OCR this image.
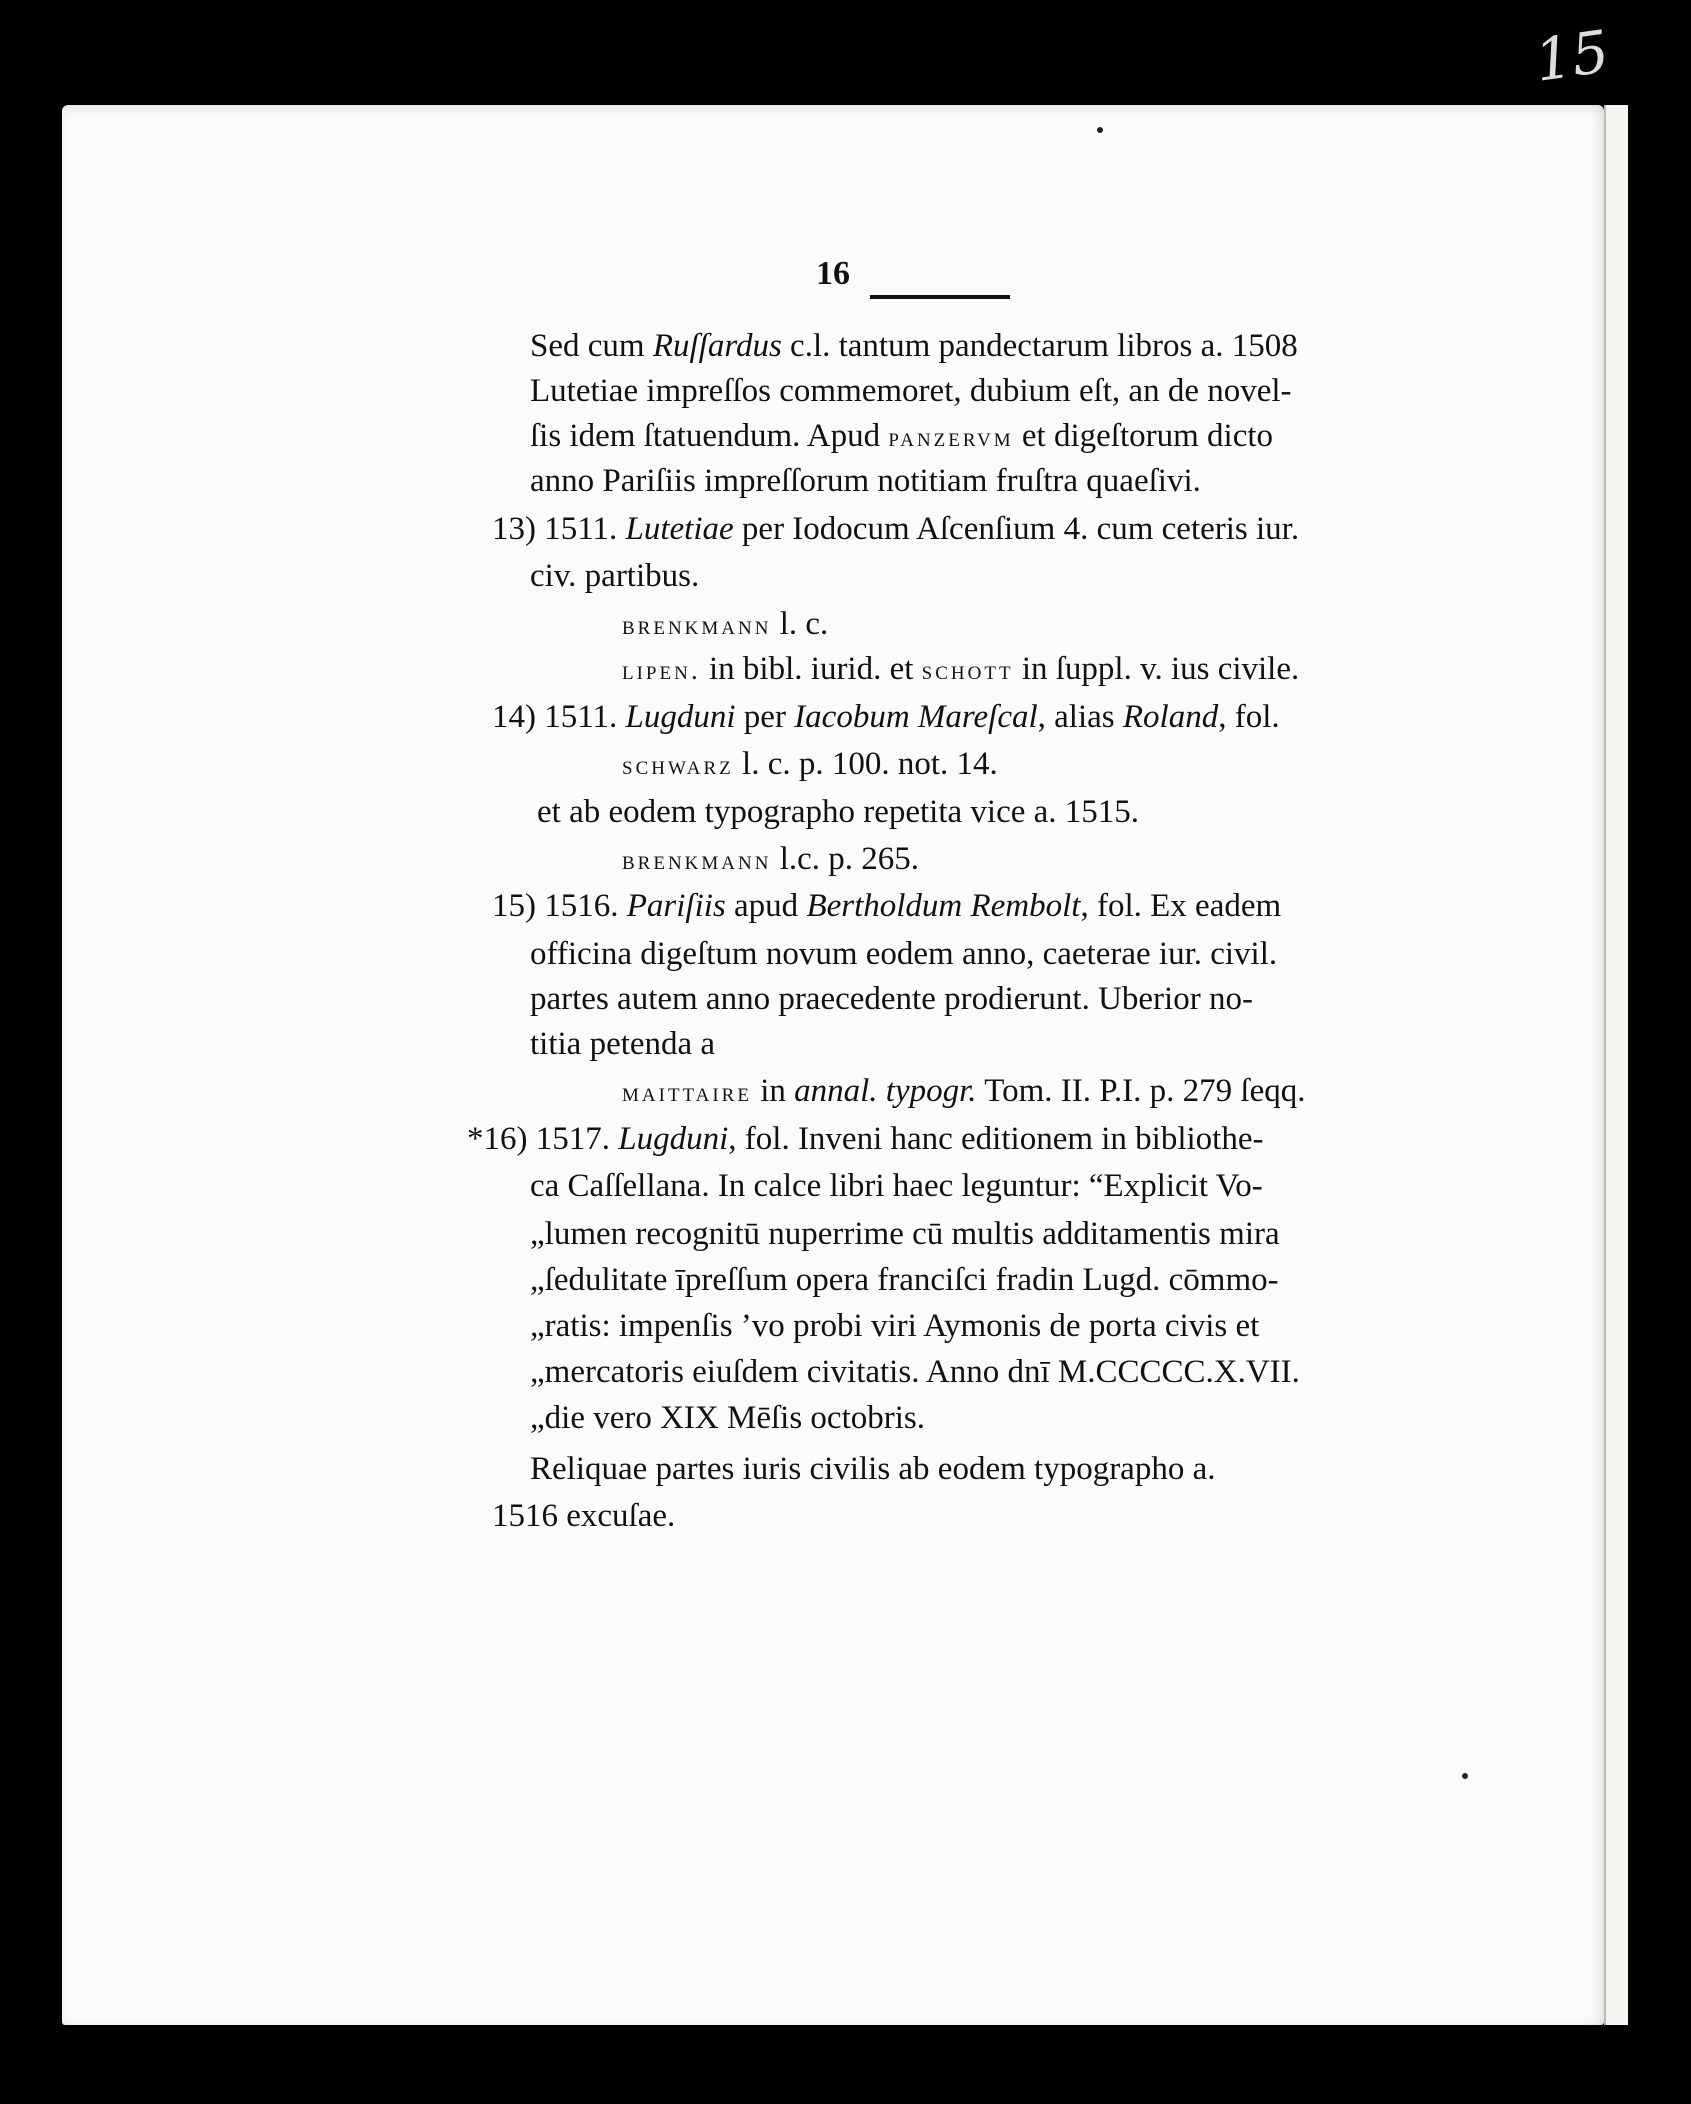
15
16
Sed cum Ruſſardus c.l. tantum pandectarum libros a. 1508
Lutetiae impreſſos commemoret, dubium eſt, an de novel-
ſis idem ſtatuendum. Apud panzervm et digeſtorum dicto
anno Pariſiis impreſſorum notitiam fruſtra quaeſivi.
13) 1511. Lutetiae per Iodocum Aſcenſium 4. cum ceteris iur.
civ. partibus.
brenkmann l. c.
lipen. in bibl. iurid. et schott in ſuppl. v. ius civile.
14) 1511. Lugduni per Iacobum Mareſcal, alias Roland, fol.
schwarz l. c. p. 100. not. 14.
et ab eodem typographo repetita vice a. 1515.
brenkmann l.c. p. 265.
15) 1516. Pariſiis apud Bertholdum Rembolt, fol. Ex eadem
officina digeſtum novum eodem anno, caeterae iur. civil.
partes autem anno praecedente prodierunt. Uberior no-
titia petenda a
maittaire in annal. typogr. Tom. II. P.I. p. 279 ſeqq.
*16) 1517. Lugduni, fol. Inveni hanc editionem in bibliothe-
ca Caſſellana. In calce libri haec leguntur: “Explicit Vo-
„lumen recognitū nuperrime cū multis additamentis mira
„ſedulitate īpreſſum opera franciſci fradin Lugd. cōmmo-
„ratis: impenſis ’vo probi viri Aymonis de porta civis et
„mercatoris eiuſdem civitatis. Anno dnī M.CCCCC.X.VII.
„die vero XIX Mēſis octobris.
Reliquae partes iuris civilis ab eodem typographo a.
1516 excuſae.
